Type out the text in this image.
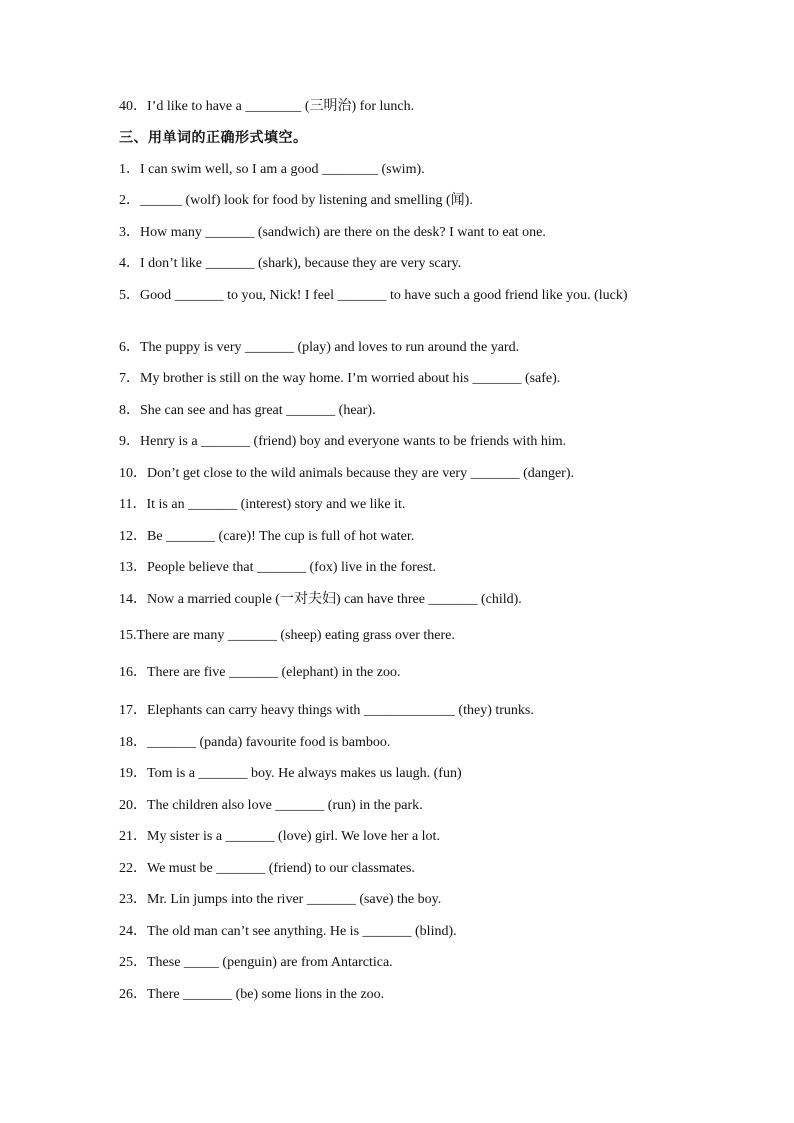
40．I’d like to have a ________ (三明治) for lunch.
三、用单词的正确形式填空。
1．I can swim well, so I am a good ________ (swim).
2．______ (wolf) look for food by listening and smelling (闻).
3．How many _______ (sandwich) are there on the desk? I want to eat one.
4．I don’t like _______ (shark), because they are very scary.
5．Good _______ to you, Nick! I feel _______ to have such a good friend like you. (luck)
6．The puppy is very _______ (play) and loves to run around the yard.
7．My brother is still on the way home. I’m worried about his _______ (safe).
8．She can see and has great _______ (hear).
9．Henry is a _______ (friend) boy and everyone wants to be friends with him.
10．Don’t get close to the wild animals because they are very _______ (danger).
11．It is an _______ (interest) story and we like it.
12．Be _______ (care)! The cup is full of hot water.
13．People believe that _______ (fox) live in the forest.
14．Now a married couple (一对夫妇) can have three _______ (child).
15.There are many _______ (sheep) eating grass over there.
16．There are five _______ (elephant) in the zoo.
17．Elephants can carry heavy things with _____________ (they) trunks.
18．_______ (panda) favourite food is bamboo.
19．Tom is a _______ boy. He always makes us laugh. (fun)
20．The children also love _______ (run) in the park.
21．My sister is a _______ (love) girl. We love her a lot.
22．We must be _______ (friend) to our classmates.
23．Mr. Lin jumps into the river _______ (save) the boy.
24．The old man can’t see anything. He is _______ (blind).
25．These _____ (penguin) are from Antarctica.
26．There _______ (be) some lions in the zoo.
